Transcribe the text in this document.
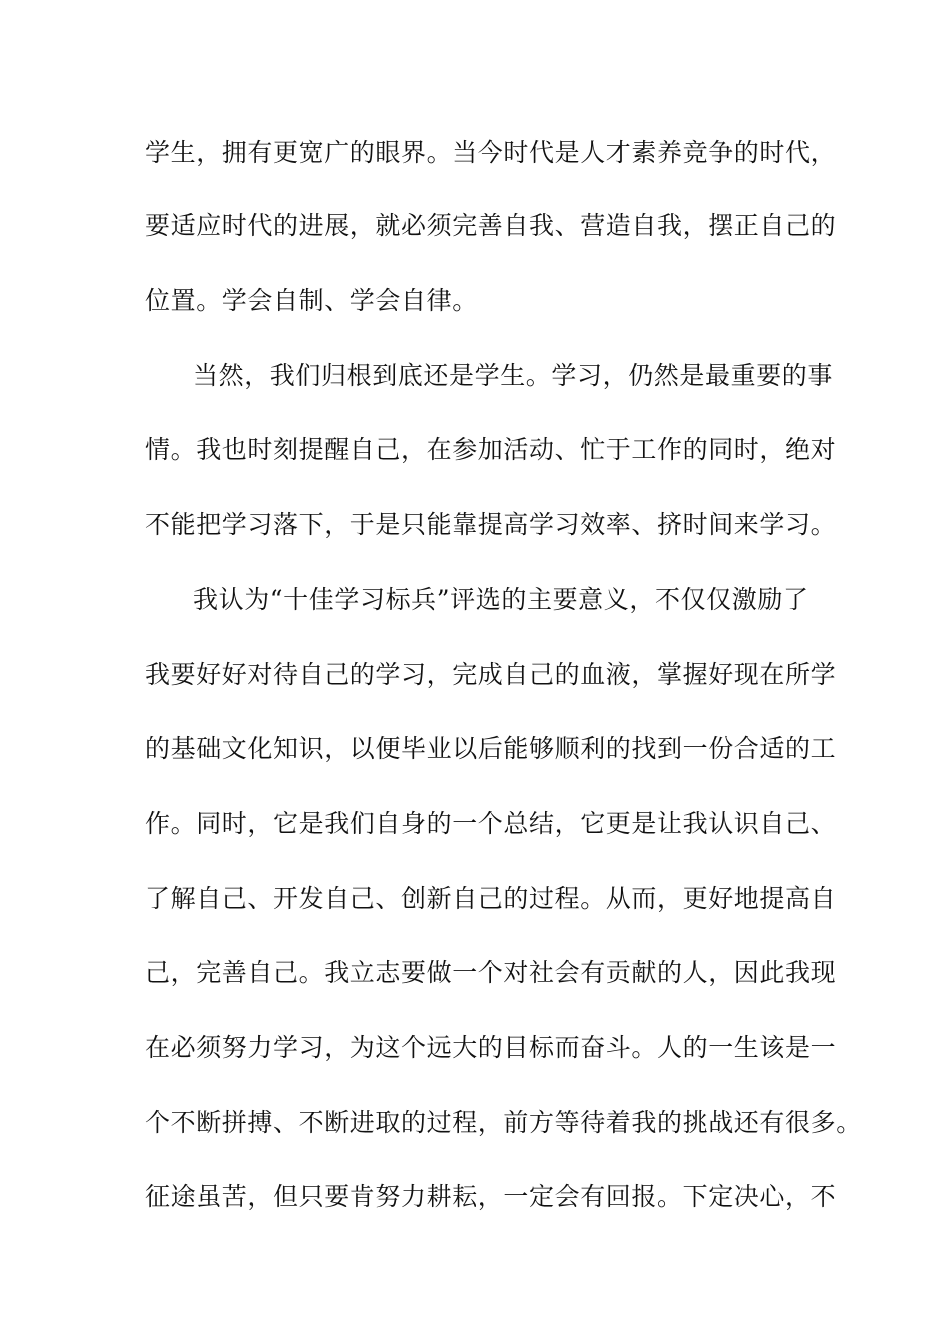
学生，拥有更宽广的眼界。当今时代是人才素养竞争的时代，
要适应时代的进展，就必须完善自我、营造自我，摆正自己的
位置。学会自制、学会自律。
当然，我们归根到底还是学生。学习，仍然是最重要的事
情。我也时刻提醒自己，在参加活动、忙于工作的同时，绝对
不能把学习落下，于是只能靠提高学习效率、挤时间来学习。
我认为“十佳学习标兵”评选的主要意义，不仅仅激励了
我要好好对待自己的学习，完成自己的血液，掌握好现在所学
的基础文化知识，以便毕业以后能够顺利的找到一份合适的工
作。同时，它是我们自身的一个总结，它更是让我认识自己、
了解自己、开发自己、创新自己的过程。从而，更好地提高自
己，完善自己。我立志要做一个对社会有贡献的人，因此我现
在必须努力学习，为这个远大的目标而奋斗。人的一生该是一
个不断拼搏、不断进取的过程，前方等待着我的挑战还有很多。
征途虽苦，但只要肯努力耕耘，一定会有回报。下定决心，不
